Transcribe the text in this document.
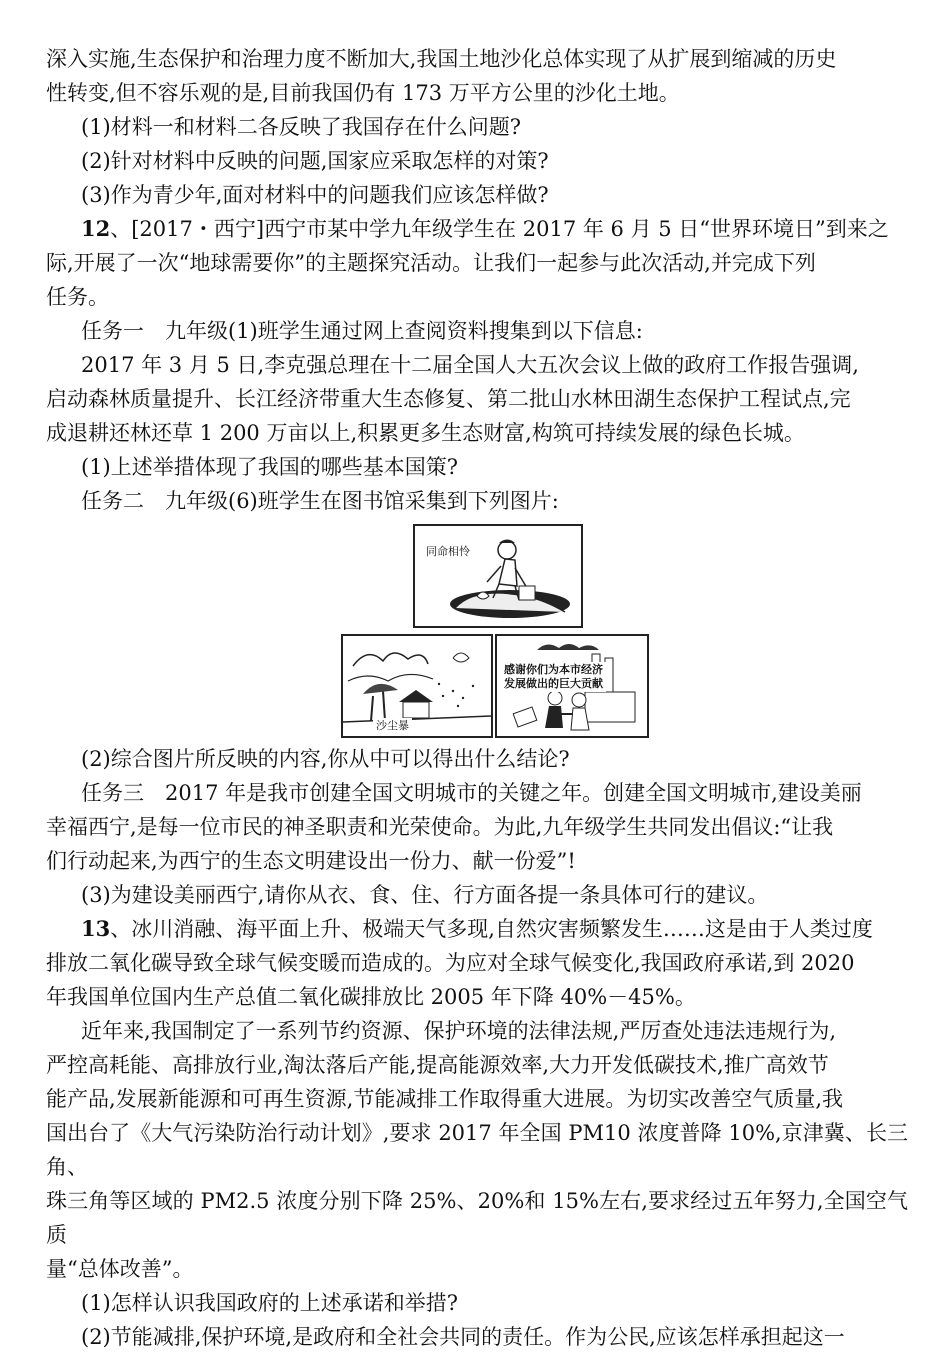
深入实施,生态保护和治理力度不断加大,我国土地沙化总体实现了从扩展到缩减的历史

性转变,但不容乐观的是,目前我国仍有 173 万平方公里的沙化土地。

(1)材料一和材料二各反映了我国存在什么问题?

(2)针对材料中反映的问题,国家应采取怎样的对策?

(3)作为青少年,面对材料中的问题我们应该怎样做?

12、[2017・西宁]西宁市某中学九年级学生在 2017 年 6 月 5 日“世界环境日”到来之

际,开展了一次“地球需要你”的主题探究活动。让我们一起参与此次活动,并完成下列

任务。

任务一　九年级(1)班学生通过网上查阅资料搜集到以下信息:

2017 年 3 月 5 日,李克强总理在十二届全国人大五次会议上做的政府工作报告强调,

启动森林质量提升、长江经济带重大生态修复、第二批山水林田湖生态保护工程试点,完

成退耕还林还草 1 200 万亩以上,积累更多生态财富,构筑可持续发展的绿色长城。

(1)上述举措体现了我国的哪些基本国策?

任务二　九年级(6)班学生在图书馆采集到下列图片:

同命相怜
沙尘暴
感谢你们为本市经济
发展做出的巨大贡献

(2)综合图片所反映的内容,你从中可以得出什么结论?

任务三　2017 年是我市创建全国文明城市的关键之年。创建全国文明城市,建设美丽

幸福西宁,是每一位市民的神圣职责和光荣使命。为此,九年级学生共同发出倡议:“让我

们行动起来,为西宁的生态文明建设出一份力、献一份爱”!

(3)为建设美丽西宁,请你从衣、食、住、行方面各提一条具体可行的建议。

13、冰川消融、海平面上升、极端天气多现,自然灾害频繁发生……这是由于人类过度

排放二氧化碳导致全球气候变暖而造成的。为应对全球气候变化,我国政府承诺,到 2020

年我国单位国内生产总值二氧化碳排放比 2005 年下降 40%－45%。

近年来,我国制定了一系列节约资源、保护环境的法律法规,严厉查处违法违规行为,

严控高耗能、高排放行业,淘汰落后产能,提高能源效率,大力开发低碳技术,推广高效节

能产品,发展新能源和可再生资源,节能减排工作取得重大进展。为切实改善空气质量,我

国出台了《大气污染防治行动计划》,要求 2017 年全国 PM10 浓度普降 10%,京津冀、长三角、

珠三角等区域的 PM2.5 浓度分别下降 25%、20%和 15%左右,要求经过五年努力,全国空气质

量“总体改善”。

(1)怎样认识我国政府的上述承诺和举措?

(2)节能减排,保护环境,是政府和全社会共同的责任。作为公民,应该怎样承担起这一
